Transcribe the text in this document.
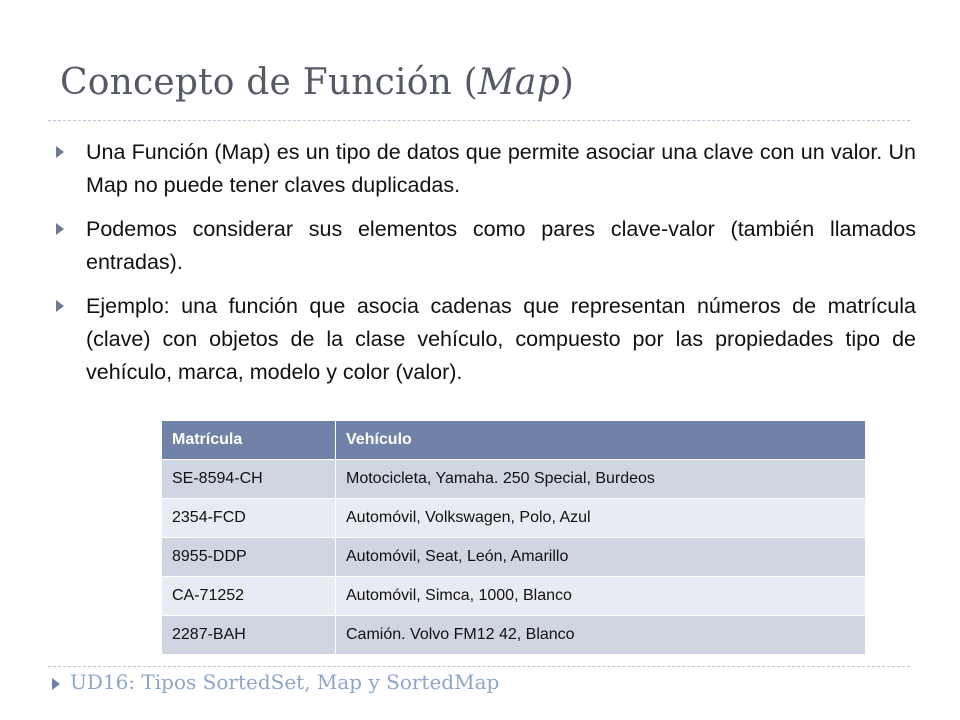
Concepto de Función (Map)
Una Función (Map) es un tipo de datos que permite asociar una clave con un valor. Un Map no puede tener claves duplicadas.
Podemos considerar sus elementos como pares clave-valor (también llamados entradas).
Ejemplo: una función que asocia cadenas que representan números de matrícula (clave) con objetos de la clase vehículo, compuesto por las propiedades tipo de vehículo, marca, modelo y color (valor).
Matrícula	Vehículo
SE-8594-CH	Motocicleta, Yamaha. 250 Special, Burdeos
2354-FCD	Automóvil, Volkswagen, Polo, Azul
8955-DDP	Automóvil, Seat, León, Amarillo
CA-71252	Automóvil, Simca, 1000, Blanco
2287-BAH	Camión. Volvo FM12 42, Blanco
UD16: Tipos SortedSet, Map y SortedMap
